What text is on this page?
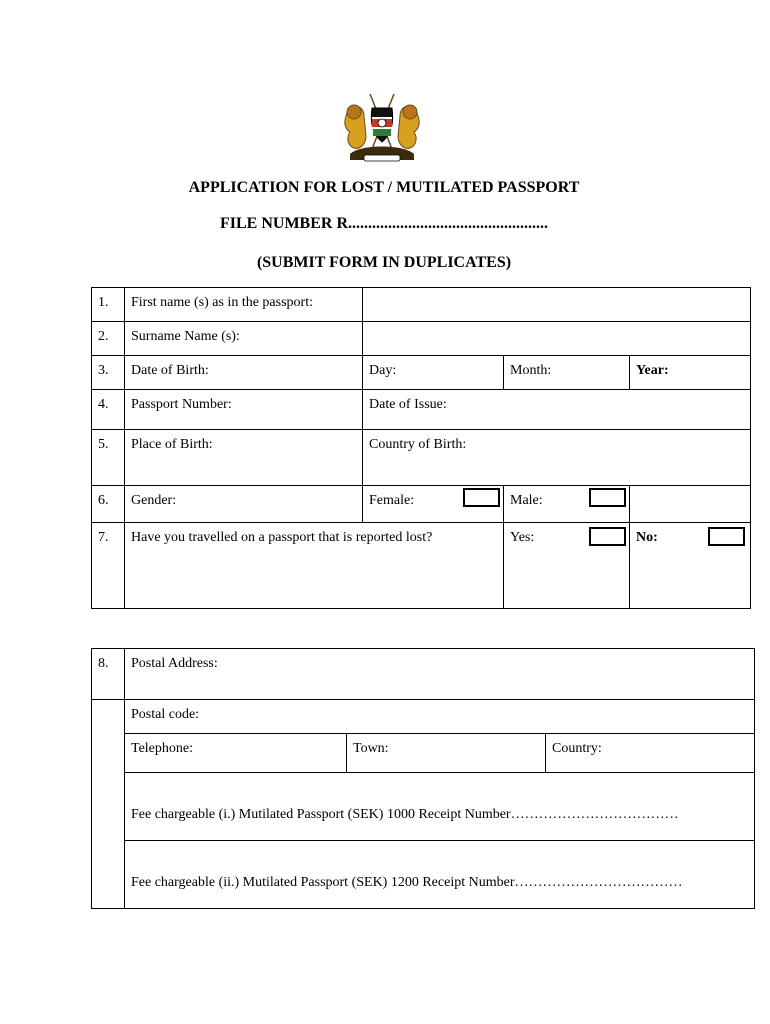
APPLICATION FOR LOST / MUTILATED PASSPORT
FILE NUMBER R..................................................
(SUBMIT FORM IN DUPLICATES)
1.	First name (s) as in the passport:			
2.	Surname Name (s):			
3.	Date of Birth:	Day:	Month:	Year:
4.	Passport Number:	Date of Issue:		
5.	Place of Birth:	Country of Birth:		
6.	Gender:	Female:	Male:

7.	Have you travelled on a passport that is reported lost?		Yes:	No:
8.	Postal Address:		
	Postal code:		
	Telephone:	Town:	Country:
	Fee chargeable (i.) Mutilated Passport (SEK) 1000 Receipt Number………………………………		
	Fee chargeable (ii.) Mutilated Passport (SEK) 1200 Receipt Number………………………………		
